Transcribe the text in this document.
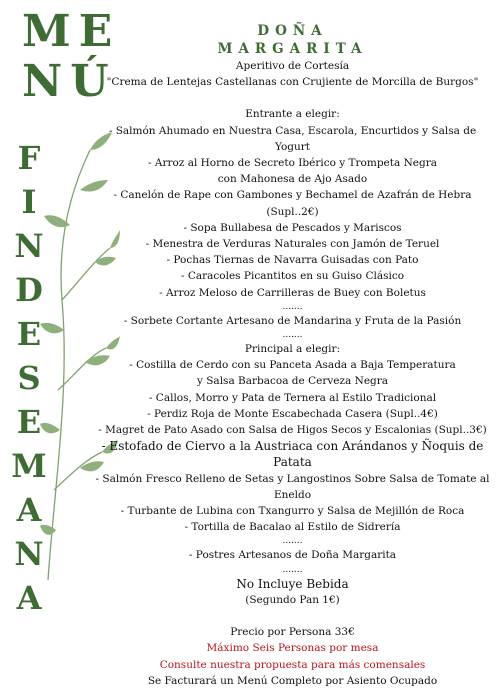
ME
NÚ
F
I
N
D
E
S
E
M
A
N
A
DOÑA
MARGARITA
Aperitivo de Cortesía
"Crema de Lentejas Castellanas con Crujiente de Morcilla de Burgos"
Entrante a elegir:
- Salmón Ahumado en Nuestra Casa, Escarola, Encurtidos y Salsa de Yogurt
- Arroz al Horno de Secreto Ibérico y Trompeta Negra
con Mahonesa de Ajo Asado
- Canelón de Rape con Gambones y Bechamel de Azafrán de Hebra (Supl..2€)
- Sopa Bullabesa de Pescados y Mariscos
- Menestra de Verduras Naturales con Jamón de Teruel
- Pochas Tiernas de Navarra Guisadas con Pato
- Caracoles Picantitos en su Guiso Clásico
- Arroz Meloso de Carrilleras de Buey con Boletus
.......
- Sorbete Cortante Artesano de Mandarina y Fruta de la Pasión
.......
Principal a elegir:
- Costilla de Cerdo con su Panceta Asada a Baja Temperatura
y Salsa Barbacoa de Cerveza Negra
- Callos, Morro y Pata de Ternera al Estilo Tradicional
- Perdiz Roja de Monte Escabechada Casera (Supl..4€)
- Magret de Pato Asado con Salsa de Higos Secos y Escalonias (Supl..3€)
- Estofado de Ciervo a la Austriaca con Arándanos y Ñoquis de Patata
- Salmón Fresco Relleno de Setas y Langostinos Sobre Salsa de Tomate al Eneldo
- Turbante de Lubina con Txangurro y Salsa de Mejillón de Roca
- Tortilla de Bacalao al Estilo de Sidrería
.......
- Postres Artesanos de Doña Margarita
.......
No Incluye Bebida
(Segundo Pan 1€)
Precio por Persona 33€
Máximo Seis Personas por mesa
Consulte nuestra propuesta para más comensales
Se Facturará un Menú Completo por Asiento Ocupado
